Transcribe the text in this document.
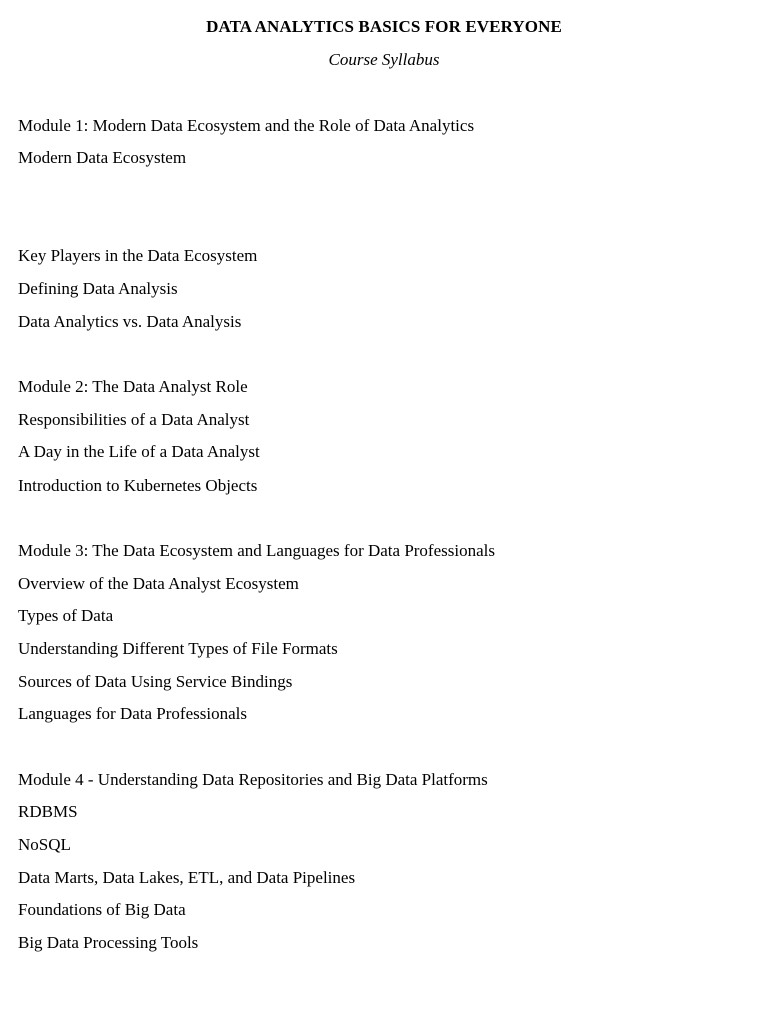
DATA ANALYTICS BASICS FOR EVERYONE
Course Syllabus
Module 1: Modern Data Ecosystem and the Role of Data Analytics
Modern Data Ecosystem
Key Players in the Data Ecosystem
Defining Data Analysis
Data Analytics vs. Data Analysis
Module 2: The Data Analyst Role
Responsibilities of a Data Analyst
A Day in the Life of a Data Analyst
Introduction to Kubernetes Objects
Module 3: The Data Ecosystem and Languages for Data Professionals
Overview of the Data Analyst Ecosystem
Types of Data
Understanding Different Types of File Formats
Sources of Data Using Service Bindings
Languages for Data Professionals
Module 4 - Understanding Data Repositories and Big Data Platforms
RDBMS
NoSQL
Data Marts, Data Lakes, ETL, and Data Pipelines
Foundations of Big Data
Big Data Processing Tools
